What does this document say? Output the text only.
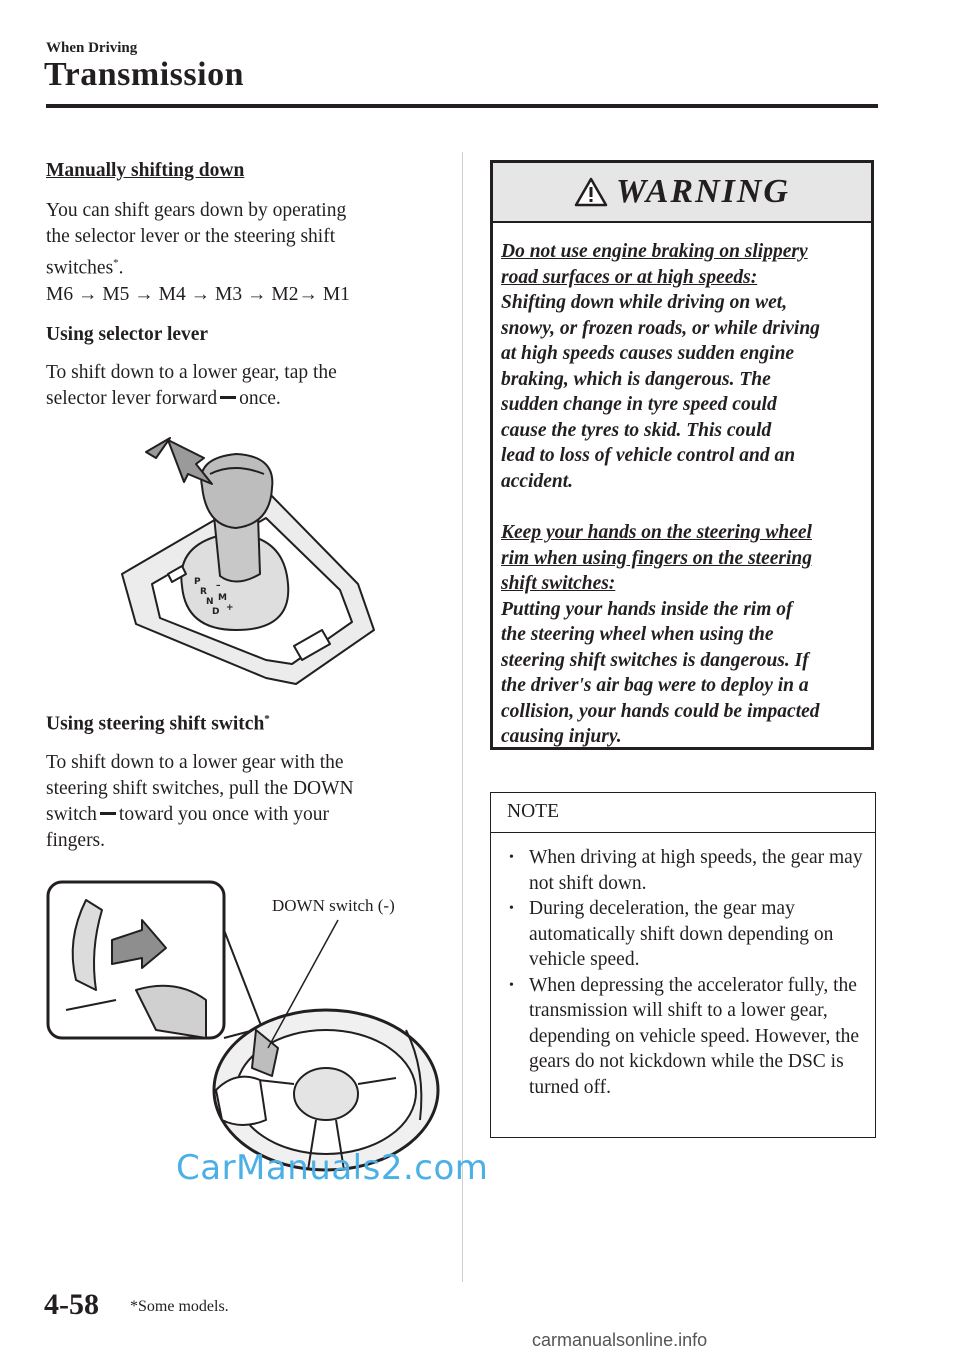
When Driving
Transmission
Manually shifting down

You can shift gears down by operating
the selector lever or the steering shift
switches*.
M6 → M5 → M4 → M3 → M2→ M1

Using selector lever

To shift down to a lower gear, tap the
selector lever forward once.

P
R
N
D
M
+
–
Using steering shift switch*

To shift down to a lower gear with the
steering shift switches, pull the DOWN
switch toward you once with your
fingers.

DOWN switch (-)
WARNING

Do not use engine braking on slippery
road surfaces or at high speeds:

Shifting down while driving on wet,
snowy, or frozen roads, or while driving
at high speeds causes sudden engine
braking, which is dangerous. The
sudden change in tyre speed could
cause the tyres to skid. This could
lead to loss of vehicle control and an
accident.

Keep your hands on the steering wheel
rim when using fingers on the steering
shift switches:

Putting your hands inside the rim of
the steering wheel when using the
steering shift switches is dangerous. If
the driver's air bag were to deploy in a
collision, your hands could be impacted
causing injury.

NOTE
• When driving at high speeds, the gear may not shift down.
• During deceleration, the gear may automatically shift down depending on vehicle speed.
• When depressing the accelerator fully, the transmission will shift to a lower gear, depending on vehicle speed. However, the gears do not kickdown while the DSC is turned off.
CarManuals2.com
4-58 *Some models.
carmanualsonline.info
